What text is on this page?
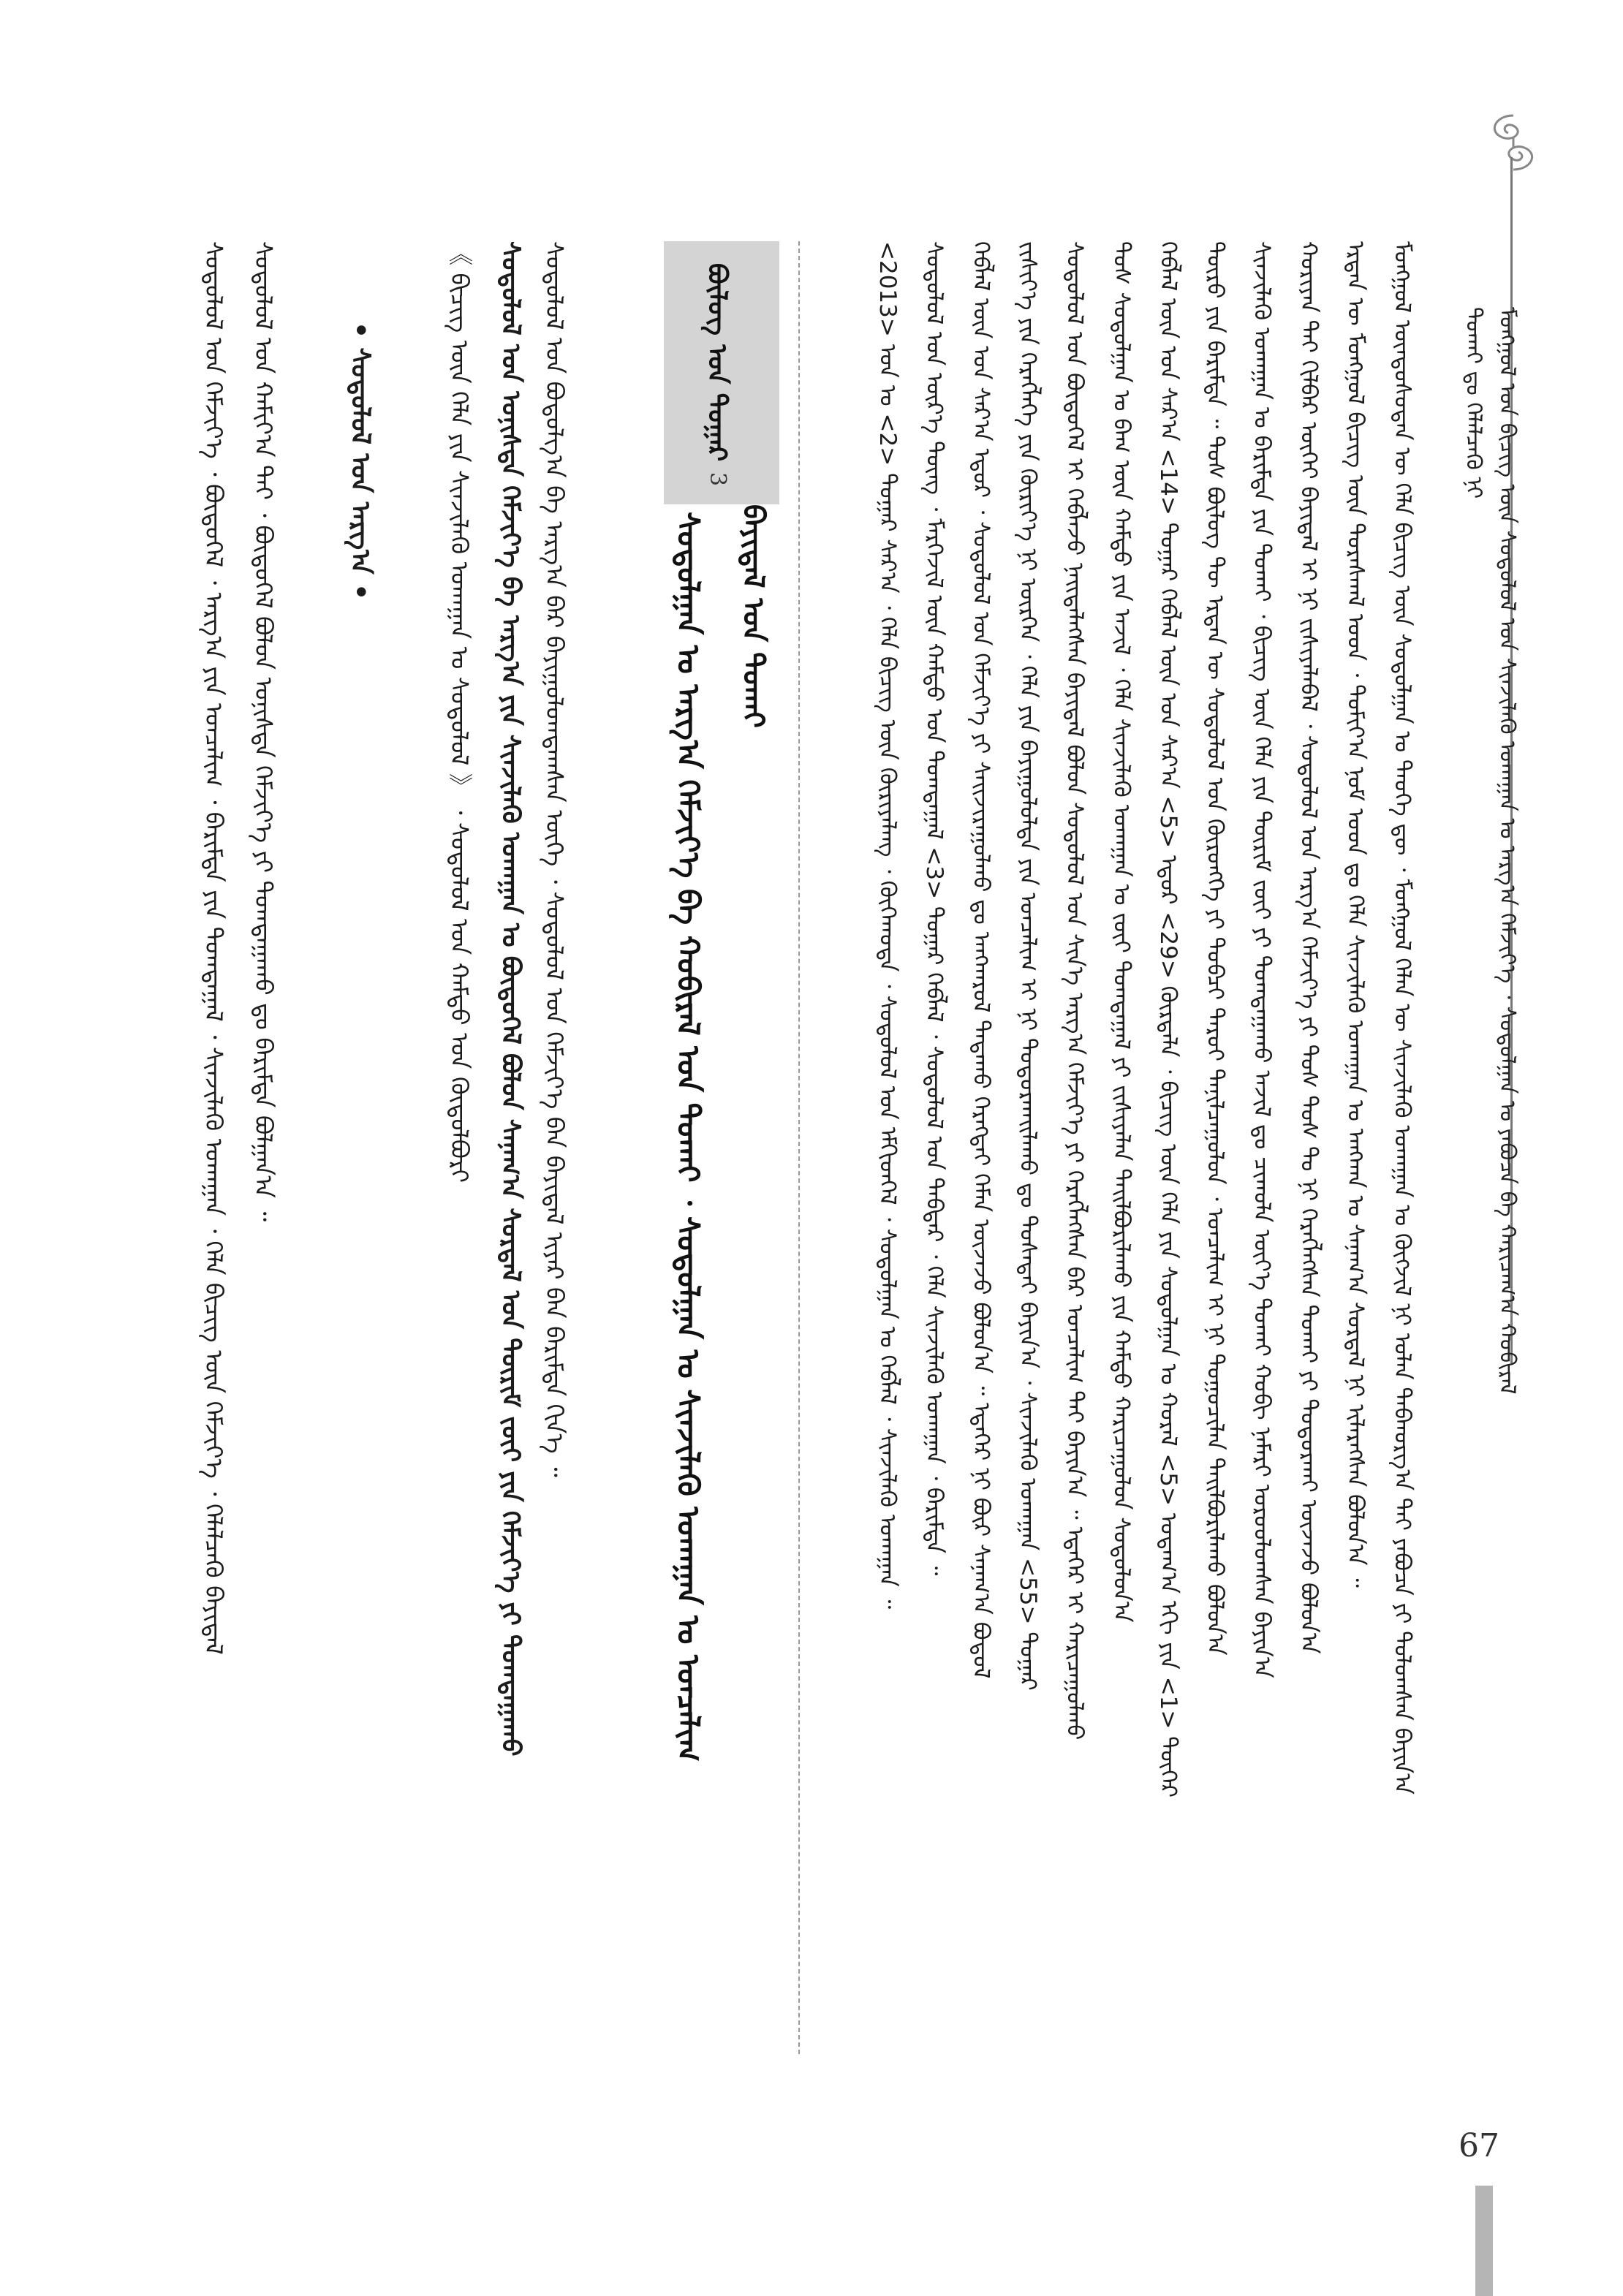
ᠮᠣᠩᠭᠣᠯ ᠤᠨ ᠪᠢᠴᠢᠭ ᠦᠨ ᠰᠤᠳᠤᠯᠤᠯ ᠤᠨ ᠰᠢᠨᠵᠢᠯᠡᠬᠦ ᠤᠬᠠᠭᠠᠨ ᠤ ᠠᠷᠭ᠎ᠠ ᠬᠡᠮᠵᠢᠶ᠎ᠡ ᠂ ᠰᠤᠳᠤᠯᠭᠠᠨ ᠤ ᠶᠠᠪᠤᠴᠠ ᠪᠠ ᠬᠠᠷᠢᠴᠠᠭ᠎ᠠ ᠬᠤᠪᠢᠷᠠᠯ
ᠲᠤᠬᠠᠢ ᠳᠤ ᠬᠡᠯᠡᠯᠴᠡᠬᠦ ᠨᠢ
67
ᠮᠣᠩᠭᠣᠯ ᠦᠨᠳᠦᠰᠦᠲᠡᠨ ᠦ ᠬᠡᠯᠡ ᠪᠢᠴᠢᠭ ᠦᠨ ᠰᠤᠳᠤᠯᠭᠠᠨ ᠤ ᠲᠡᠦᠬᠡ ᠳᠦ ᠂ ᠮᠣᠩᠭᠣᠯ ᠬᠡᠯᠡᠨ ᠦ ᠰᠢᠨᠵᠢᠯᠡᠬᠦ ᠤᠬᠠᠭᠠᠨ ᠤ ᠬᠥᠭᠵᠢᠯ ᠨᠢ ᠣᠯᠠᠨ ᠳᠠᠪᠬᠤᠷᠭ᠎ᠠ ᠲᠠᠢ ᠶᠠᠪᠤᠴᠠ ᠶᠢ ᠲᠤᠯᠤᠭᠰᠠᠨ ᠪᠠᠶᠢᠨ᠎ᠠ
ᠡᠷᠲᠡᠨ ᠦ ᠮᠣᠩᠭᠣᠯ ᠪᠢᠴᠢᠭ ᠦᠨ ᠳᠤᠷᠠᠰᠬᠠᠯ ᠤᠳ ᠂ ᠲᠣᠮᠢᠶ᠎ᠠ ᠨᠣᠮ ᠤᠳ ᠳᠤ ᠬᠡᠯᠡ ᠰᠢᠨᠵᠢᠯᠡᠬᠦ ᠤᠬᠠᠭᠠᠨ ᠤ ᠠᠩᠬᠠᠨ ᠤ ᠰᠠᠨᠠᠭ᠎ᠠ ᠰᠤᠷᠲᠠᠯ ᠨᠢ ᠢᠯᠡᠷᠡᠭᠰᠡᠨ ᠪᠣᠯᠤᠨ᠎ᠠ ᠃
ᠬᠤᠷᠢᠶᠠᠨ ᠲᠠᠢ ᠬᠢᠯᠪᠠᠷ ᠦᠭᠡᠢ ᠪᠠᠶᠢᠳᠠᠯ ᠢ ᠨᠢ ᠵᠢᠱᠢᠶᠡᠯᠡᠪᠡᠯ ᠂ ᠰᠤᠳᠤᠯᠤᠯ ᠤᠨ ᠠᠷᠭ᠎ᠠ ᠬᠡᠮᠵᠢᠶ᠎ᠡ ᠶᠢ ᠲᠤᠰ ᠲᠤᠰ ᠲᠤ ᠨᠢ ᠬᠡᠷᠡᠭᠯᠡᠭᠰᠡᠨ ᠲᠤᠬᠠᠢ ᠶᠢ ᠲᠣᠳᠣᠷᠬᠠᠢ ᠦᠵᠡᠵᠦ ᠪᠣᠯᠤᠨ᠎ᠠ
ᠰᠢᠨᠵᠢᠯᠡᠬᠦ ᠤᠬᠠᠭᠠᠨ ᠤ ᠪᠠᠷᠢᠮᠲᠠ ᠶᠢᠨ ᠲᠤᠬᠠᠢ ᠂ ᠪᠢᠴᠢᠭ ᠦᠨ ᠬᠡᠯᠡ ᠶᠢᠨ ᠳᠦᠷᠢᠮ ᠵᠦᠢ ᠶᠢ ᠲᠣᠭᠲᠠᠭᠠᠬᠤ ᠠᠵᠢᠯ ᠳᠤ ᠴᠢᠬᠤᠯᠠ ᠦᠶ᠎ᠡ ᠲᠤᠬᠠᠢ ᠬᠤᠪᠢ ᠨᠡᠮᠡᠷᠢ ᠣᠷᠤᠤᠯᠤᠭᠰᠠᠨ ᠪᠠᠶᠢᠨ᠎ᠠ
ᠲᠦᠷᠦ ᠶᠢᠨ ᠪᠠᠷᠢᠮᠲᠠ ᠃ ᠲᠤᠰ ᠪᠦᠯᠦᠭ ᠲᠦ ᠡᠷᠲᠡᠨ ᠦ ᠰᠤᠳᠤᠯᠤᠯ ᠤᠨ ᠬᠥᠷᠥᠩᠭᠡ ᠶᠢ ᠲᠣᠪᠴᠢ ᠳᠠᠷᠤᠢ ᠲᠠᠨᠢᠯᠴᠠᠭᠤᠯᠤᠨ ᠂ ᠣᠨᠴᠠᠯᠢᠭ ᠢ ᠨᠢ ᠲᠣᠭᠣᠴᠢᠯᠠᠨ ᠲᠠᠢᠯᠪᠤᠷᠢᠯᠠᠬᠤ ᠪᠣᠯᠤᠨ᠎ᠠ
ᠬᠡᠪᠯᠡᠯ ᠦᠨ ᠣᠨ ᠰᠠᠷ᠎ᠠ <14> ᠳᠤᠭᠠᠷ ᠬᠡᠪᠯᠡᠯ ᠦᠨ ᠣᠨ ᠰᠠᠷ᠎ᠠ <5> ᠡᠳᠦᠷ <29> ᠬᠦᠷᠲᠡᠯᠡ ᠂ ᠪᠢᠴᠢᠭ ᠦᠨ ᠬᠡᠯᠡ ᠶᠢᠨ ᠰᠤᠳᠤᠯᠭᠠᠨ ᠤ ᠬᠤᠷᠠᠯ <5> ᠤᠳᠠᠭ᠎ᠠ ᠡᠬᠢ ᠶᠢᠨ <1> ᠳᠦᠭᠡᠷ
ᠲᠤᠰ ᠰᠤᠳᠤᠯᠭᠠᠨ ᠤ ᠪᠠᠭ ᠦᠨ ᠬᠠᠮᠲᠤ ᠶᠢᠨ ᠠᠵᠢᠯ ᠂ ᠬᠡᠯᠡ ᠰᠢᠨᠵᠢᠯᠡᠬᠦ ᠤᠬᠠᠭᠠᠨ ᠤ ᠵᠦᠢ ᠲᠣᠭᠲᠠᠭᠠᠯ ᠶᠢ ᠵᠢᠱᠢᠶᠡᠯᠡᠨ ᠲᠠᠢᠯᠪᠤᠷᠢᠯᠠᠬᠤ ᠶᠢᠨ ᠬᠠᠮᠲᠤ ᠬᠠᠷᠢᠴᠠᠭᠤᠯᠤᠨ ᠰᠤᠳᠤᠯᠤᠨ᠎ᠠ
ᠰᠤᠳᠤᠯᠤᠯ ᠤᠨ ᠪᠦᠲᠦᠭᠡᠯ ᠢ ᠬᠡᠪᠯᠡᠵᠦ ᠨᠡᠢᠲᠡᠯᠡᠭᠰᠡᠨ ᠪᠠᠶᠢᠳᠠᠯ ᠪᠣᠯᠤᠨ ᠰᠤᠳᠤᠯᠤᠯ ᠤᠨ ᠰᠢᠨ᠎ᠡ ᠠᠷᠭ᠎ᠠ ᠬᠡᠮᠵᠢᠶ᠎ᠡ ᠶᠢ ᠬᠡᠷᠡᠭᠯᠡᠭᠰᠡᠨ ᠪᠠᠷ ᠣᠨᠴᠠᠯᠢᠭ ᠲᠠᠢ ᠪᠠᠶᠢᠨ᠎ᠠ ᠃ ᠡᠳᠡᠭᠡᠷ ᠢ ᠬᠠᠷᠢᠴᠠᠭᠤᠯᠬᠤ
ᠵᠢᠱᠢᠶ᠎ᠡ ᠶᠢᠨ ᠬᠡᠷᠡᠭᠯᠡᠭᠡ ᠶᠢᠨ ᠬᠦᠷᠢᠶ᠎ᠡ ᠨᠢ ᠥᠷᠭᠡᠨ ᠂ ᠬᠡᠯᠡ ᠶᠢᠨ ᠪᠠᠶᠢᠭᠤᠯᠤᠯᠲᠠ ᠶᠢᠨ ᠣᠨᠴᠠᠯᠢᠭ ᠢ ᠨᠢ ᠲᠣᠳᠣᠷᠬᠠᠢᠯᠠᠬᠤ ᠳᠤ ᠲᠤᠰᠠᠲᠠᠢ ᠪᠠᠶᠢᠨ᠎ᠠ ᠂ ᠰᠢᠨᠵᠢᠯᠡᠬᠦ ᠤᠬᠠᠭᠠᠨ <55> ᠳᠤᠭᠠᠷ
ᠬᠡᠪᠯᠡᠯ ᠦᠨ ᠣᠨ ᠰᠠᠷ᠎ᠠ ᠡᠳᠦᠷ ᠂ ᠰᠤᠳᠤᠯᠤᠯ ᠤᠨ ᠬᠡᠮᠵᠢᠶ᠎ᠡ ᠶᠢ ᠰᠠᠢᠵᠢᠷᠠᠭᠤᠯᠬᠤ ᠳᠤ ᠠᠨᠭᠬᠠᠷᠤᠯ ᠲᠠᠲᠠᠬᠤ ᠬᠡᠷᠡᠭᠲᠡᠢ ᠬᠡᠮᠡᠨ ᠦᠵᠡᠵᠦ ᠪᠣᠯᠤᠨ᠎ᠠ ᠃ ᠡᠳᠡᠭᠡᠷ ᠨᠢ ᠪᠦᠷ ᠰᠠᠨᠠᠭ᠎ᠠ ᠪᠣᠳᠤᠯ
ᠰᠤᠳᠤᠯᠤᠯ ᠤᠨ ᠦᠷ᠎ᠡ ᠳᠦᠩ ᠂ ᠮᠡᠷᠭᠡᠵᠢᠯ ᠦᠨ ᠬᠠᠮᠲᠤ ᠤᠨ ᠲᠣᠭᠲᠠᠭᠠᠯ <3> ᠳᠤᠭᠠᠷ ᠬᠡᠪᠯᠡᠯ ᠂ ᠰᠤᠳᠤᠯᠤᠯ ᠤᠨ ᠳᠡᠪᠲᠡᠷ ᠂ ᠬᠡᠯᠡ ᠰᠢᠨᠵᠢᠯᠡᠬᠦ ᠤᠬᠠᠭᠠᠨ ᠂ ᠪᠠᠷᠢᠮᠲᠠ ᠃
<2013> ᠣᠨ ᠤ <2> ᠳᠤᠭᠠᠷ ᠰᠠᠷ᠎ᠠ ᠂ ᠬᠡᠯᠡ ᠪᠢᠴᠢᠭ ᠦᠨ ᠬᠦᠷᠢᠶᠡᠯᠡᠩ ᠂ ᠬᠥᠬᠡᠬᠣᠲᠠ ᠂ ᠰᠤᠳᠤᠯᠤᠯ ᠤᠨ ᠡᠮᠬᠢᠳᠬᠡᠯ ᠂ ᠰᠤᠳᠤᠯᠭᠠᠨ ᠤ ᠬᠡᠪᠯᠡᠯ ᠂ ᠰᠢᠨᠵᠢᠯᠡᠬᠦ ᠤᠬᠠᠭᠠᠨ ᠃
ᠪᠦᠯᠦᠭ ᠤᠨ ᠳᠤᠭᠠᠷ
3
ᠰᠤᠳᠤᠯᠭᠠᠨ ᠤ ᠠᠷᠭ᠎ᠠ ᠬᠡᠮᠵᠢᠶ᠎ᠡ ᠪᠠ ᠬᠤᠪᠢᠷᠠᠯ ᠤᠨ ᠲᠤᠬᠠᠢ ᠂ ᠰᠤᠳᠤᠯᠭᠠᠨ ᠤ ᠰᠢᠨᠵᠢᠯᠡᠬᠦ ᠤᠬᠠᠭᠠᠨ ᠤ ᠣᠨᠴᠠᠯᠢᠭ ᠪᠠᠶᠢᠳᠠᠯ ᠤᠨ ᠲᠤᠬᠠᠢ
ᠰᠤᠳᠤᠯᠤᠯ ᠤᠨ ᠪᠤᠳᠤᠯᠭ᠎ᠠ ᠪᠠ ᠠᠷᠭ᠎ᠠ ᠪᠠᠷ ᠪᠠᠶᠢᠭᠤᠯᠤᠭᠳᠠᠭᠰᠠᠨ ᠦᠭᠡ ᠂ ᠰᠤᠳᠤᠯᠤᠯ ᠤᠨ ᠬᠡᠮᠵᠢᠶ᠎ᠡ ᠪᠠᠨ ᠪᠠᠶᠢᠳᠠᠯ ᠢᠶᠠᠷ ᠪᠠᠨ ᠪᠠᠷᠢᠮᠲᠠ ᠬᠢᠨ᠎ᠡ ᠃
ᠰᠤᠳᠤᠯᠤᠯ ᠤᠨ ᠣᠨᠢᠰᠲᠠ ᠬᠡᠮᠵᠢᠶ᠎ᠡ ᠪᠠ ᠠᠷᠭ᠎ᠠ ᠶᠢᠨ ᠰᠢᠨᠵᠢᠯᠡᠬᠦ ᠤᠬᠠᠭᠠᠨ ᠤ ᠪᠦᠲᠦᠭᠡᠯ ᠪᠣᠯᠤᠨ ᠰᠠᠨᠠᠭ᠎ᠠ ᠰᠤᠷᠲᠠᠯ ᠤᠨ ᠳᠦᠷᠢᠮ ᠵᠦᠢ ᠶᠢᠨ ᠬᠡᠮᠵᠢᠶ᠎ᠡ ᠶᠢ ᠲᠣᠭᠲᠠᠭᠠᠬᠤ
《 ᠪᠢᠴᠢᠭ ᠦᠨ ᠬᠡᠯᠡ ᠶᠢᠨ ᠰᠢᠨᠵᠢᠯᠡᠬᠦ ᠤᠬᠠᠭᠠᠨ ᠤ ᠰᠤᠳᠤᠯᠤᠯ 》 ᠂ ᠰᠤᠳᠤᠯᠤᠯ ᠤᠨ ᠬᠠᠮᠲᠤ ᠤᠨ ᠬᠥᠲᠦᠯᠪᠦᠷᠢ
• ᠰᠤᠳᠤᠯᠤᠯ ᠤᠨ ᠠᠷᠭ᠎ᠠ •
ᠰᠤᠳᠤᠯᠤᠯ ᠤᠨ ᠬᠠᠮᠢᠶ᠎ᠠ ᠲᠠᠢ ᠂ ᠪᠦᠲᠦᠭᠡᠯ ᠪᠣᠯᠤᠨ ᠣᠨᠢᠰᠲᠠ ᠬᠡᠮᠵᠢᠶ᠎ᠡ ᠶᠢ ᠲᠣᠭᠲᠠᠭᠠᠬᠤ ᠳᠤ ᠪᠠᠷᠢᠮᠲᠠ ᠪᠣᠯᠭᠠᠨ᠎ᠠ ᠃
ᠰᠤᠳᠤᠯᠤᠯ ᠤᠨ ᠬᠡᠮᠵᠢᠶ᠎ᠡ ᠂ ᠪᠦᠲᠦᠭᠡᠯ ᠂ ᠠᠷᠭ᠎ᠠ ᠶᠢᠨ ᠣᠨᠴᠠᠯᠢᠭ ᠂ ᠪᠠᠷᠢᠮᠲᠠ ᠶᠢᠨ ᠲᠣᠭᠲᠠᠭᠠᠯ ᠂ ᠰᠢᠨᠵᠢᠯᠡᠬᠦ ᠤᠬᠠᠭᠠᠨ ᠂ ᠬᠡᠯᠡ ᠪᠢᠴᠢᠭ ᠦᠨ ᠬᠡᠮᠵᠢᠶ᠎ᠡ ᠂ ᠬᠡᠯᠡᠯᠴᠡᠬᠦ ᠪᠠᠶᠢᠳᠠᠯ
